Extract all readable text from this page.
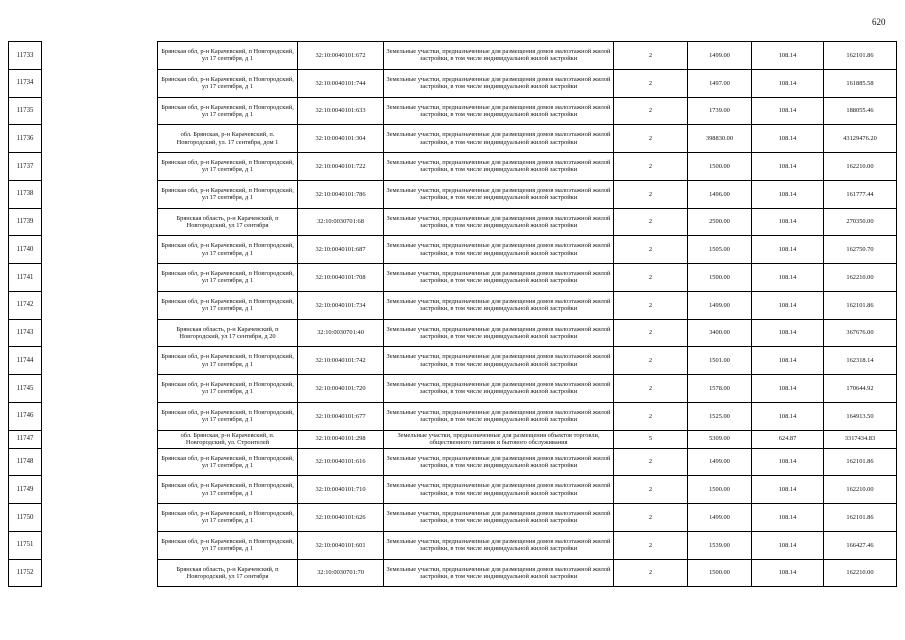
620
11733		Брянская обл, р-н Карачевский, п Новгородский, ул 17 сентября, д 1	32:10:0040101:672	Земельные участки, предназначенные для размещения домов малоэтажной жилой застройки, в том числе индивидуальной жилой застройки	2	1499.00	108.14	162101.86
11734		Брянская обл, р-н Карачевский, п Новгородский, ул 17 сентября, д 1	32:10:0040101:744	Земельные участки, предназначенные для размещения домов малоэтажной жилой застройки, в том числе индивидуальной жилой застройки	2	1497.00	108.14	161885.58
11735		Брянская обл, р-н Карачевский, п Новгородский, ул 17 сентября, д 1	32:10:0040101:633	Земельные участки, предназначенные для размещения домов малоэтажной жилой застройки, в том числе индивидуальной жилой застройки	2	1739.00	108.14	188055.46
11736		обл. Брянская, р-н Карачевский, п. Новгородский, ул. 17 сентября, дом 1	32:10:0040101:304	Земельные участки, предназначенные для размещения домов малоэтажной жилой застройки, в том числе индивидуальной жилой застройки	2	398830.00	108.14	43129476.20
11737		Брянская обл, р-н Карачевский, п Новгородский, ул 17 сентября, д 1	32:10:0040101:722	Земельные участки, предназначенные для размещения домов малоэтажной жилой застройки, в том числе индивидуальной жилой застройки	2	1500.00	108.14	162210.00
11738		Брянская обл, р-н Карачевский, п Новгородский, ул 17 сентября, д 1	32:10:0040101:786	Земельные участки, предназначенные для размещения домов малоэтажной жилой застройки, в том числе индивидуальной жилой застройки	2	1496.00	108.14	161777.44
11739		Брянская область, р-н Карачевский, п Новгородский, ул 17 сентября	32:10:0030701:68	Земельные участки, предназначенные для размещения домов малоэтажной жилой застройки, в том числе индивидуальной жилой застройки	2	2500.00	108.14	270350.00
11740		Брянская обл, р-н Карачевский, п Новгородский, ул 17 сентября, д 1	32:10:0040101:687	Земельные участки, предназначенные для размещения домов малоэтажной жилой застройки, в том числе индивидуальной жилой застройки	2	1505.00	108.14	162750.70
11741		Брянская обл, р-н Карачевский, п Новгородский, ул 17 сентября, д 1	32:10:0040101:708	Земельные участки, предназначенные для размещения домов малоэтажной жилой застройки, в том числе индивидуальной жилой застройки	2	1500.00	108.14	162210.00
11742		Брянская обл, р-н Карачевский, п Новгородский, ул 17 сентября, д 1	32:10:0040101:734	Земельные участки, предназначенные для размещения домов малоэтажной жилой застройки, в том числе индивидуальной жилой застройки	2	1499.00	108.14	162101.86
11743		Брянская область, р-н Карачевский, п Новгородский, ул 17 сентября, д 20	32:10:0030701:40	Земельные участки, предназначенные для размещения домов малоэтажной жилой застройки, в том числе индивидуальной жилой застройки	2	3400.00	108.14	367676.00
11744		Брянская обл, р-н Карачевский, п Новгородский, ул 17 сентября, д 1	32:10:0040101:742	Земельные участки, предназначенные для размещения домов малоэтажной жилой застройки, в том числе индивидуальной жилой застройки	2	1501.00	108.14	162318.14
11745		Брянская обл, р-н Карачевский, п Новгородский, ул 17 сентября, д 1	32:10:0040101:720	Земельные участки, предназначенные для размещения домов малоэтажной жилой застройки, в том числе индивидуальной жилой застройки	2	1578.00	108.14	170644.92
11746		Брянская обл, р-н Карачевский, п Новгородский, ул 17 сентября, д 1	32:10:0040101:677	Земельные участки, предназначенные для размещения домов малоэтажной жилой застройки, в том числе индивидуальной жилой застройки	2	1525.00	108.14	164913.50
11747		обл. Брянская, р-н Карачевский, п. Новгородский, ул. Строителей	32:10:0040101:298	Земельные участки, предназначенные для размещения объектов торговли, общественного питания и бытового обслуживания	5	5309.00	624.87	3317434.83
11748		Брянская обл, р-н Карачевский, п Новгородский, ул 17 сентября, д 1	32:10:0040101:616	Земельные участки, предназначенные для размещения домов малоэтажной жилой застройки, в том числе индивидуальной жилой застройки	2	1499.00	108.14	162101.86
11749		Брянская обл, р-н Карачевский, п Новгородский, ул 17 сентября, д 1	32:10:0040101:710	Земельные участки, предназначенные для размещения домов малоэтажной жилой застройки, в том числе индивидуальной жилой застройки	2	1500.00	108.14	162210.00
11750		Брянская обл, р-н Карачевский, п Новгородский, ул 17 сентября, д 1	32:10:0040101:626	Земельные участки, предназначенные для размещения домов малоэтажной жилой застройки, в том числе индивидуальной жилой застройки	2	1499.00	108.14	162101.86
11751		Брянская обл, р-н Карачевский, п Новгородский, ул 17 сентября, д 1	32:10:0040101:601	Земельные участки, предназначенные для размещения домов малоэтажной жилой застройки, в том числе индивидуальной жилой застройки	2	1539.00	108.14	166427.46
11752		Брянская область, р-н Карачевский, п Новгородский, ул 17 сентября	32:10:0030701:70	Земельные участки, предназначенные для размещения домов малоэтажной жилой застройки, в том числе индивидуальной жилой застройки	2	1500.00	108.14	162210.00
